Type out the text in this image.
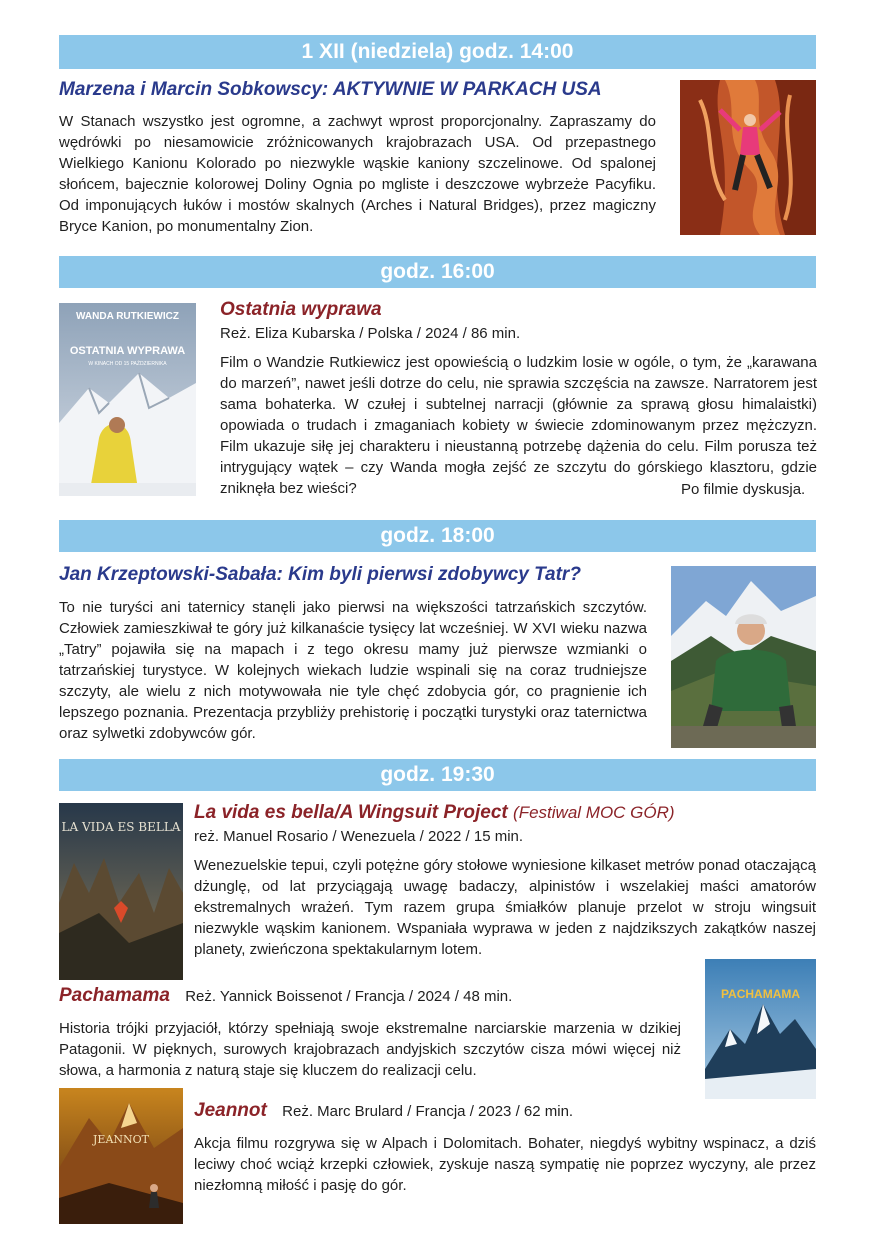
1 XII (niedziela) godz. 14:00
Marzena i Marcin Sobkowscy: AKTYWNIE W PARKACH USA

W Stanach wszystko jest ogromne, a zachwyt wprost proporcjonalny. Zapraszamy do wędrówki po niesamowicie zróżnicowanych krajobrazach USA. Od przepastnego Wielkiego Kanionu Kolorado po niezwykle wąskie kaniony szczelinowe. Od spalonej słońcem, bajecznie kolorowej Doliny Ognia po mgliste i deszczowe wybrzeże Pacyfiku. Od imponujących łuków i mostów skalnych (Arches i Natural Bridges), przez magiczny Bryce Kanion, po monumentalny Zion.

godz. 16:00
WANDA RUTKIEWICZ
OSTATNIA WYPRAWA
W KINACH OD 15 PAŹDZIERNIKA
Ostatnia wyprawa
Reż. Eliza Kubarska / Polska / 2024 / 86 min.

Film o Wandzie Rutkiewicz jest opowieścią o ludzkim losie w ogóle, o tym, że „karawana do marzeń”, nawet jeśli dotrze do celu, nie sprawia szczęścia na zawsze. Narratorem jest sama bohaterka. W czułej i subtelnej narracji (głównie za sprawą głosu himalaistki) opowiada o trudach i zmaganiach kobiety w świecie zdominowanym przez mężczyzn. Film ukazuje siłę jej charakteru i nieustanną potrzebę dążenia do celu. Film porusza też intrygujący wątek – czy Wanda mogła zejść ze szczytu do górskiego klasztoru, gdzie zniknęła bez wieści?	Po filmie dyskusja.
godz. 18:00
Jan Krzeptowski-Sabała: Kim byli pierwsi zdobywcy Tatr?

To nie turyści ani taternicy stanęli jako pierwsi na większości tatrzańskich szczytów. Człowiek zamieszkiwał te góry już kilkanaście tysięcy lat wcześniej. W XVI wieku nazwa „Tatry” pojawiła się na mapach i z tego okresu mamy już pierwsze wzmianki o tatrzańskiej turystyce. W kolejnych wiekach ludzie wspinali się na coraz trudniejsze szczyty, ale wielu z nich motywowała nie tyle chęć zdobycia gór, co pragnienie ich lepszego poznania. Prezentacja przybliży prehistorię i początki turystyki oraz taternictwa oraz sylwetki zdobywców gór.

godz. 19:30
LA VIDA ES BELLA
La vida es bella/A Wingsuit Project (Festiwal MOC GÓR)
reż. Manuel Rosario / Wenezuela / 2022 / 15 min.

Wenezuelskie tepui, czyli potężne góry stołowe wyniesione kilkaset metrów ponad otaczającą dżunglę, od lat przyciągają uwagę badaczy, alpinistów i wszelakiej maści amatorów ekstremalnych wrażeń. Tym razem grupa śmiałków planuje przelot w stroju wingsuit niezwykle wąskim kanionem. Wspaniała wyprawa w jeden z najdzikszych zakątków naszej planety, zwieńczona spektakularnym lotem.

Pachamama Reż. Yannick Boissenot / Francja / 2024 / 48 min.

Historia trójki przyjaciół, którzy spełniają swoje ekstremalne narciarskie marzenia w dzikiej Patagonii. W pięknych, surowych krajobrazach andyjskich szczytów cisza mówi więcej niż słowa, a harmonia z naturą staje się kluczem do realizacji celu.

PACHAMAMA
JEANNOT
Jeannot Reż. Marc Brulard / Francja / 2023 / 62 min.

Akcja filmu rozgrywa się w Alpach i Dolomitach. Bohater, niegdyś wybitny wspinacz, a dziś leciwy choć wciąż krzepki człowiek, zyskuje naszą sympatię nie poprzez wyczyny, ale przez niezłomną miłość i pasję do gór.
